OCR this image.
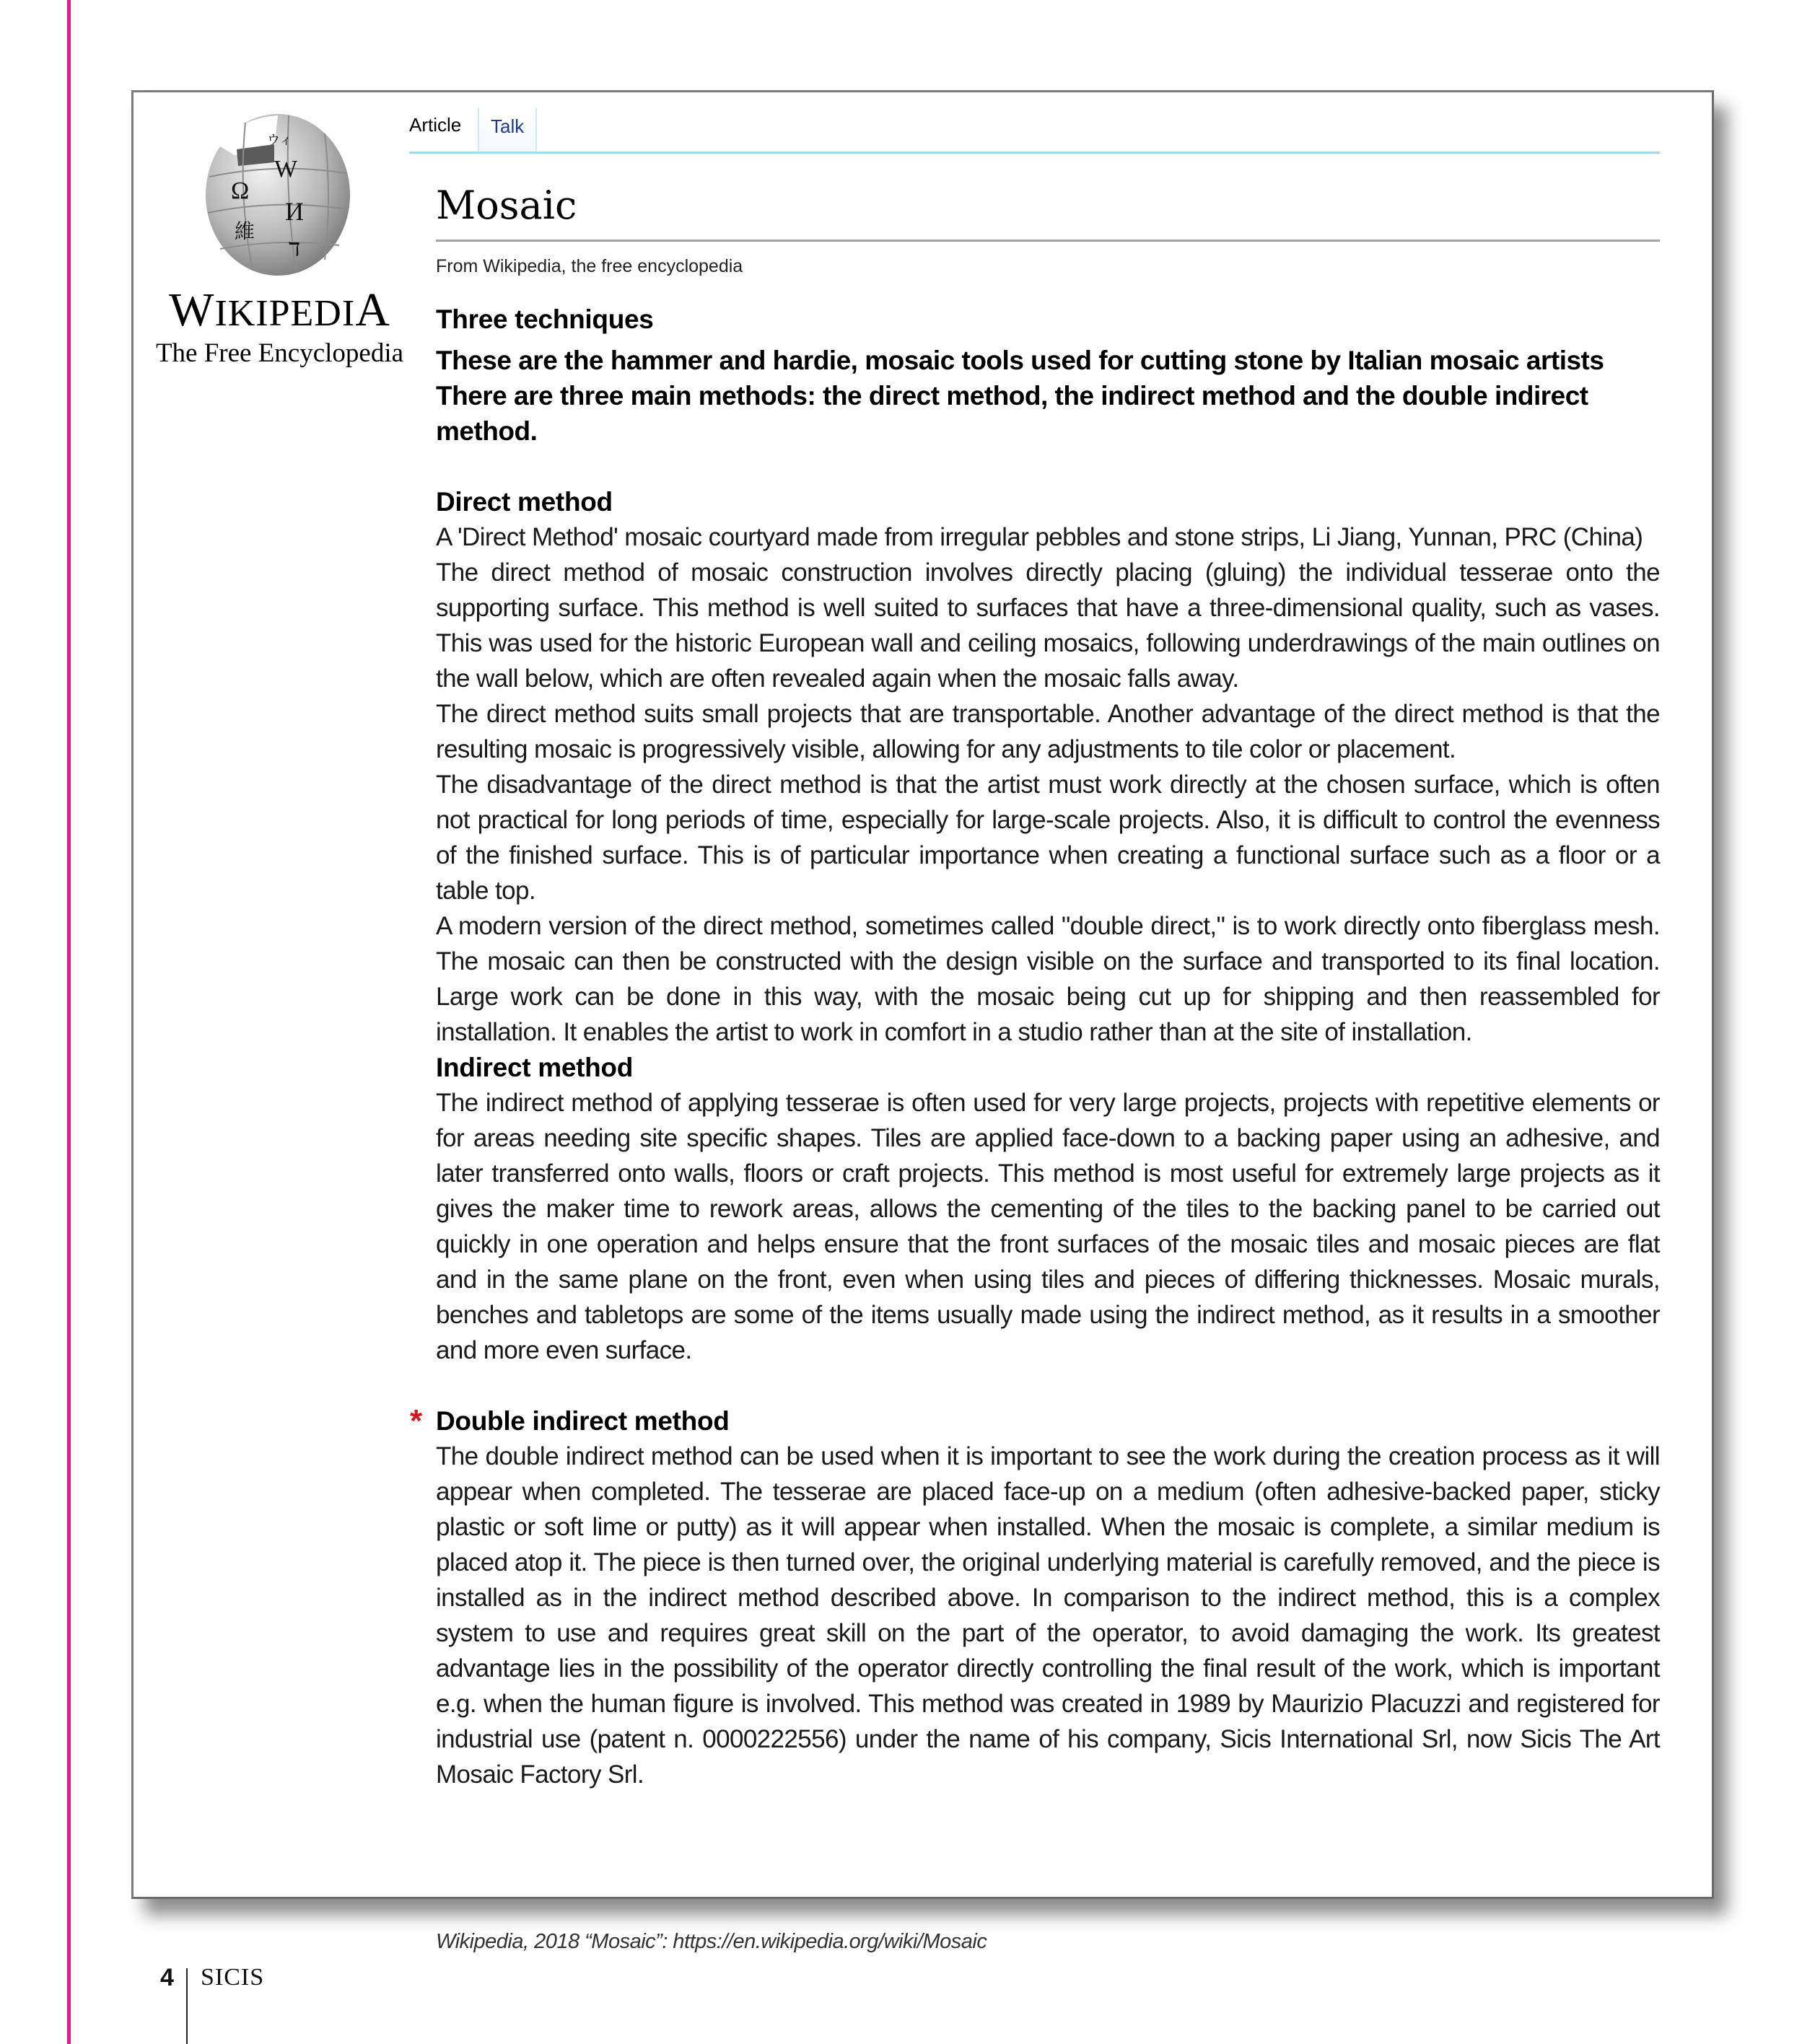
Ω
W
И
維
ד
ウィ
WIKIPEDIA
The Free Encyclopedia
Article	Talk
Mosaic
From Wikipedia, the free encyclopedia
Three techniques

These are the hammer and hardie, mosaic tools used for cutting stone by Italian mosaic artists

There are three main methods: the direct method, the indirect method and the double indirect method.

Direct method

A 'Direct Method' mosaic courtyard made from irregular pebbles and stone strips, Li Jiang, Yunnan, PRC (China)

The direct method of mosaic construction involves directly placing (gluing) the individual tesserae onto the supporting surface. This method is well suited to surfaces that have a three-dimensional quality, such as vases. This was used for the historic European wall and ceiling mosaics, following underdrawings of the main outlines on the wall below, which are often revealed again when the mosaic falls away.

The direct method suits small projects that are transportable. Another advantage of the direct method is that the resulting mosaic is progressively visible, allowing for any adjustments to tile color or placement.

The disadvantage of the direct method is that the artist must work directly at the chosen surface, which is often not practical for long periods of time, especially for large-scale projects. Also, it is difficult to control the evenness of the finished surface. This is of particular importance when creating a functional surface such as a floor or a table top.

A modern version of the direct method, sometimes called "double direct," is to work directly onto fiberglass mesh. The mosaic can then be constructed with the design visible on the surface and transported to its final location. Large work can be done in this way, with the mosaic being cut up for shipping and then reassembled for installation. It enables the artist to work in comfort in a studio rather than at the site of installation.

Indirect method

The indirect method of applying tesserae is often used for very large projects, projects with repetitive elements or for areas needing site specific shapes. Tiles are applied face-down to a backing paper using an adhesive, and later transferred onto walls, floors or craft projects. This method is most useful for extremely large projects as it gives the maker time to rework areas, allows the cementing of the tiles to the backing panel to be carried out quickly in one operation and helps ensure that the front surfaces of the mosaic tiles and mosaic pieces are flat and in the same plane on the front, even when using tiles and pieces of differing thicknesses. Mosaic murals, benches and tabletops are some of the items usually made using the indirect method, as it results in a smoother and more even surface.

* Double indirect method

The double indirect method can be used when it is important to see the work during the creation process as it will appear when completed. The tesserae are placed face-up on a medium (often adhesive-backed paper, sticky plastic or soft lime or putty) as it will appear when installed. When the mosaic is complete, a similar medium is placed atop it. The piece is then turned over, the original underlying material is carefully removed, and the piece is installed as in the indirect method described above. In comparison to the indirect method, this is a complex system to use and requires great skill on the part of the operator, to avoid damaging the work. Its greatest advantage lies in the possibility of the operator directly controlling the final result of the work, which is important e.g. when the human figure is involved. This method was created in 1989 by Maurizio Placuzzi and registered for industrial use (patent n. 0000222556) under the name of his company, Sicis International Srl, now Sicis The Art Mosaic Factory Srl.

Wikipedia, 2018 “Mosaic”: https://en.wikipedia.org/wiki/Mosaic
4 SICIS
